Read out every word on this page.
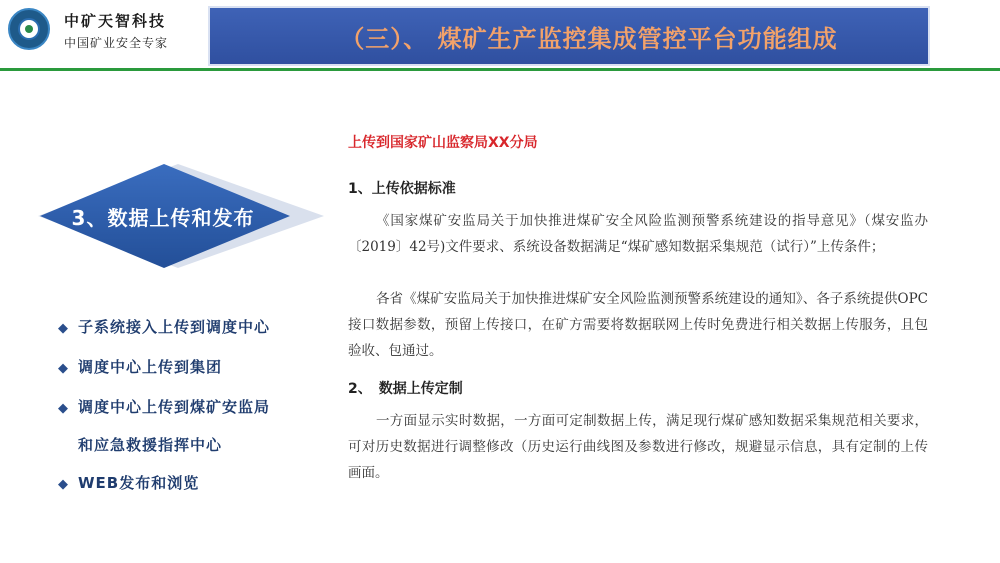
中矿天智科技
中国矿业安全专家	（三）、 煤矿生产监控集成管控平台功能组成
3、数据上传和发布
◆ 子系统接入上传到调度中心
◆ 调度中心上传到集团
◆ 调度中心上传到煤矿安监局
和应急救援指挥中心
◆ WEB发布和浏览
上传到国家矿山监察局XX分局
1、上传依据标准
《国家煤矿安监局关于加快推进煤矿安全风险监测预警系统建设的指导意见》（煤安监办〔2019〕42号)文件要求、系统设备数据满足“煤矿感知数据采集规范（试行）”上传条件；
各省《煤矿安监局关于加快推进煤矿安全风险监测预警系统建设的通知》、各子系统提供OPC接口数据参数，预留上传接口，在矿方需要将数据联网上传时免费进行相关数据上传服务，且包验收、包通过。
2、　数据上传定制
一方面显示实时数据，一方面可定制数据上传，满足现行煤矿感知数据采集规范相关要求，可对历史数据进行调整修改（历史运行曲线图及参数进行修改，规避显示信息，具有定制的上传画面。
